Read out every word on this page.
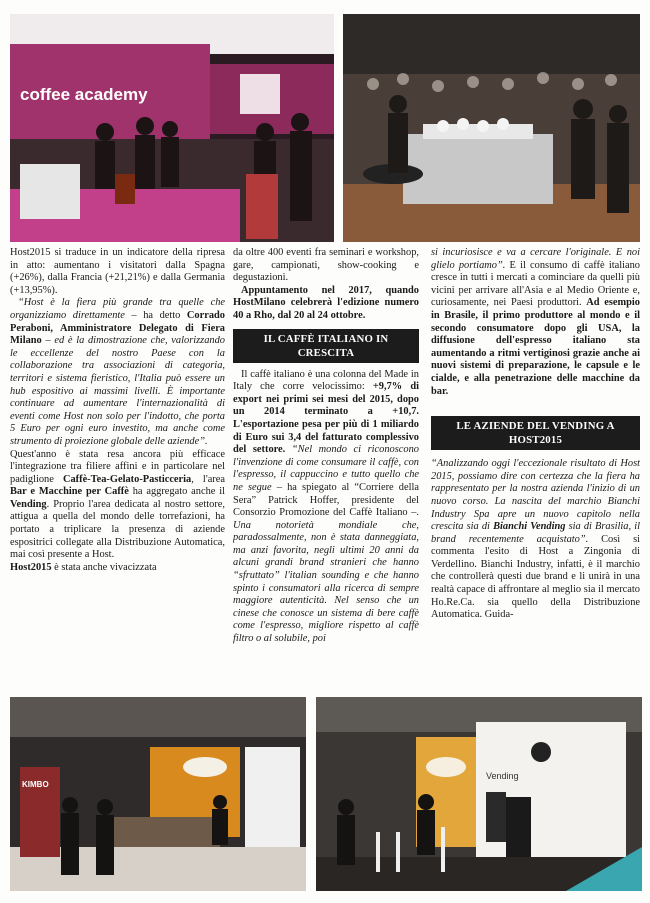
coffee academy

Host2015 si traduce in un indicatore della ripresa in atto: aumentano i visitatori dalla Spagna (+26%), dalla Francia (+21,21%) e dalla Germania (+13,95%).

“Host è la fiera più grande tra quelle che organizziamo direttamente – ha detto Corrado Peraboni, Amministratore Delegato di Fiera Milano – ed è la dimostrazione che, valorizzando le eccellenze del nostro Paese con la collaborazione tra associazioni di categoria, territori e sistema fieristico, l'Italia può essere un hub espositivo ai massimi livelli. È importante continuare ad aumentare l'internazionalità di eventi come Host non solo per l'indotto, che porta 5 Euro per ogni euro investito, ma anche come strumento di proiezione globale delle aziende”.

Quest'anno è stata resa ancora più efficace l'integrazione tra filiere affini e in particolare nel padiglione Caffè-Tea-Gelato-Pasticceria, l'area Bar e Macchine per Caffè ha aggregato anche il Vending. Proprio l'area dedicata al nostro settore, attigua a quella del mondo delle torrefazioni, ha portato a triplicare la presenza di aziende espositrici collegate alla Distribuzione Automatica, mai così presente a Host.

Host2015 è stata anche vivacizzata

da oltre 400 eventi fra seminari e workshop, gare, campionati, show-cooking e degustazioni.

Appuntamento nel 2017, quando HostMilano celebrerà l'edizione numero 40 a Rho, dal 20 al 24 ottobre.

IL CAFFÈ ITALIANO IN CRESCITA

Il caffè italiano è una colonna del Made in Italy che corre velocissimo: +9,7% di export nei primi sei mesi del 2015, dopo un 2014 terminato a +10,7. L'esportazione pesa per più di 1 miliardo di Euro sui 3,4 del fatturato complessivo del settore. “Nel mondo ci riconoscono l'invenzione di come consumare il caffè, con l'espresso, il cappuccino e tutto quello che ne segue – ha spiegato al “Corriere della Sera” Patrick Hoffer, presidente del Consorzio Promozione del Caffè Italiano –. Una notorietà mondiale che, paradossalmente, non è stata danneggiata, ma anzi favorita, negli ultimi 20 anni da alcuni grandi brand stranieri che hanno “sfruttato” l'italian sounding e che hanno spinto i consumatori alla ricerca di sempre maggiore autenticità. Nel senso che un cinese che conosce un sistema di bere caffè come l'espresso, migliore rispetto al caffè filtro o al solubile, poi

si incuriosisce e va a cercare l'originale. E noi glielo portiamo”. E il consumo di caffè italiano cresce in tutti i mercati a cominciare da quelli più vicini per arrivare all'Asia e al Medio Oriente e, curiosamente, nei Paesi produttori. Ad esempio in Brasile, il primo produttore al mondo e il secondo consumatore dopo gli USA, la diffusione dell'espresso italiano sta aumentando a ritmi vertiginosi grazie anche ai nuovi sistemi di preparazione, le capsule e le cialde, e alla penetrazione delle macchine da bar.

LE AZIENDE DEL VENDING A HOST2015

“Analizzando oggi l'eccezionale risultato di Host 2015, possiamo dire con certezza che la fiera ha rappresentato per la nostra azienda l'inizio di un nuovo corso. La nascita del marchio Bianchi Industry Spa apre un nuovo capitolo nella crescita sia di Bianchi Vending sia di Brasilia, il brand recentemente acquistato”. Così si commenta l'esito di Host a Zingonia di Verdellino. Bianchi Industry, infatti, è il marchio che controllerà questi due brand e li unirà in una realtà capace di affrontare al meglio sia il mercato Ho.Re.Ca. sia quello della Distribuzione Automatica. Guida-

KIMBO
Vending
